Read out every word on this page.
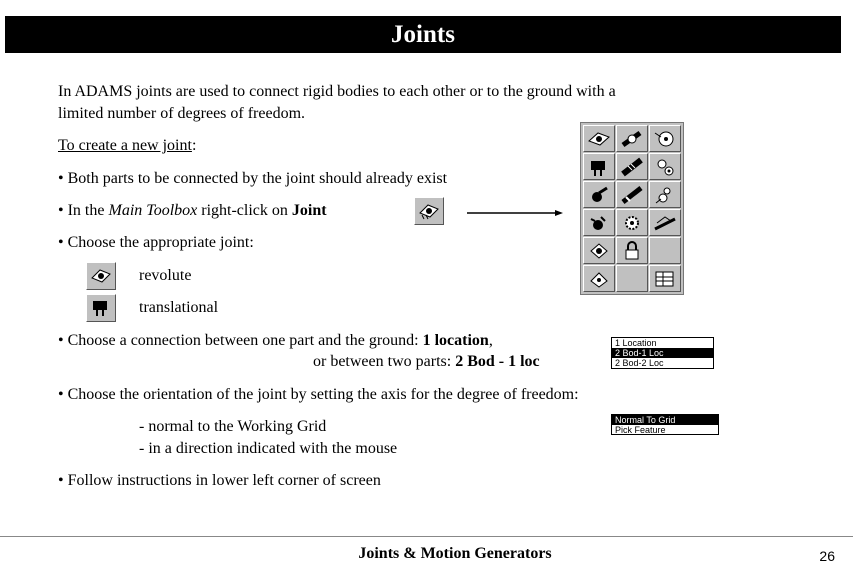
Joints
In ADAMS joints are used to connect rigid bodies to each other or to the ground with a
limited number of degrees of freedom.
To create a new joint:
• Both parts to be connected by the joint should already exist
• In the Main Toolbox right-click on Joint
• Choose the appropriate joint:
revolute
translational
• Choose a connection between one part and the ground: 1 location,
or between two parts: 2 Bod - 1 loc
1 Location
2 Bod-1 Loc
2 Bod-2 Loc
• Choose the orientation of the joint by setting the axis for the degree of freedom:
- normal to the Working Grid
- in a direction indicated with the mouse
Normal To Grid
Pick Feature
• Follow instructions in lower left corner of screen
Joints & Motion Generators	26
